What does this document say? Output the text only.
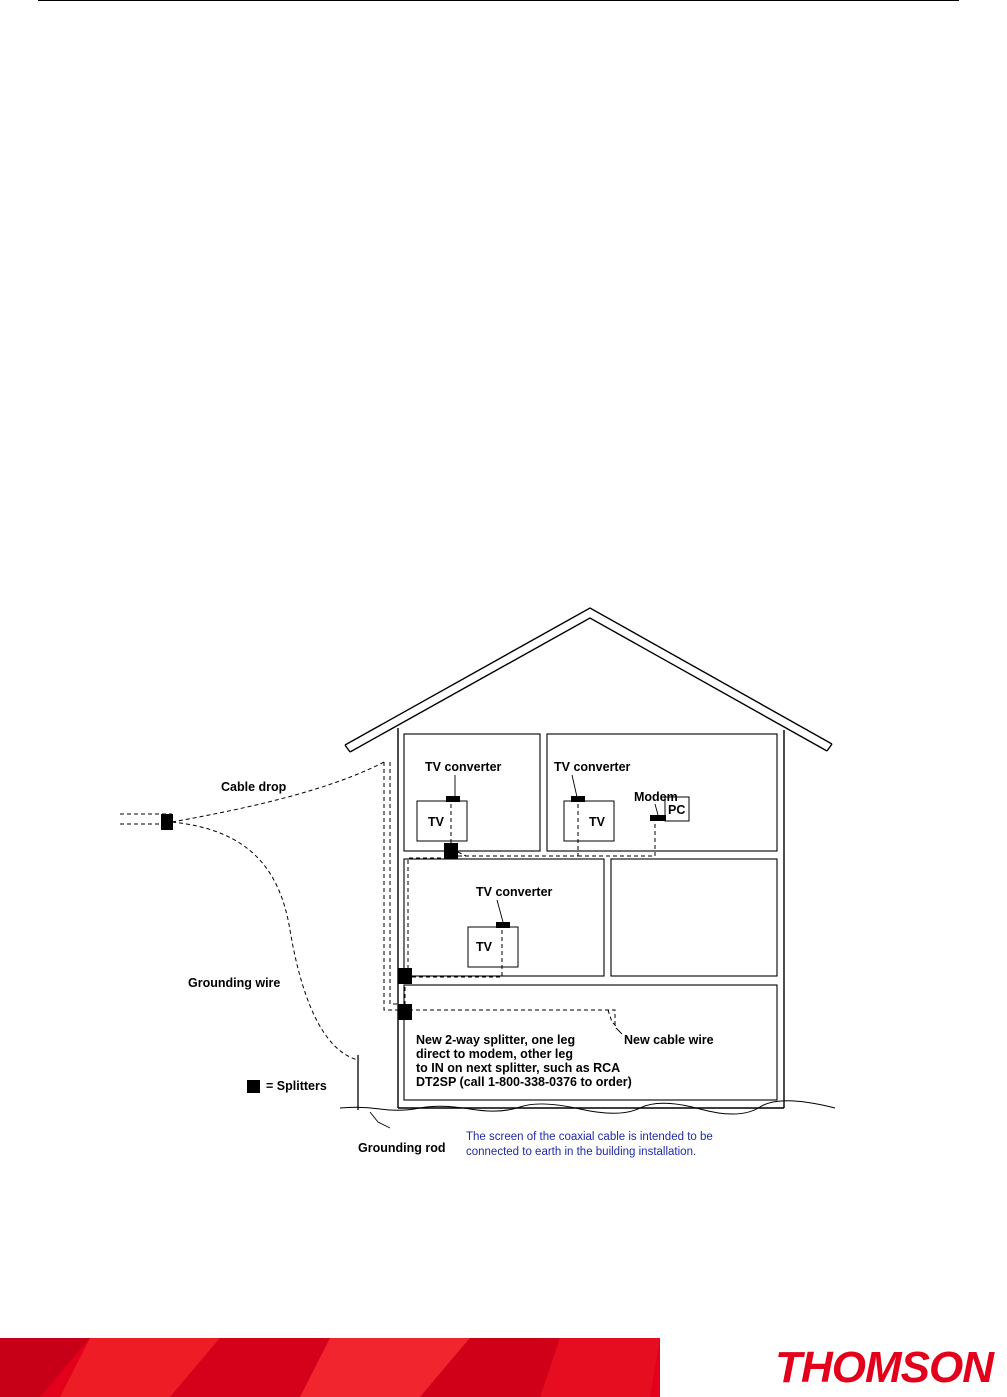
Cable drop
Grounding wire
= Splitters
Grounding rod
TV converter	TV converter
TV converter
TV	TV
TV
Modem
PC
New cable wire
New 2-way splitter, one leg
direct to modem, other leg
to IN on next splitter, such as RCA
DT2SP (call 1-800-338-0376 to order)
The screen of the coaxial cable is intended to be
connected to earth in the building installation.
THOMSON
